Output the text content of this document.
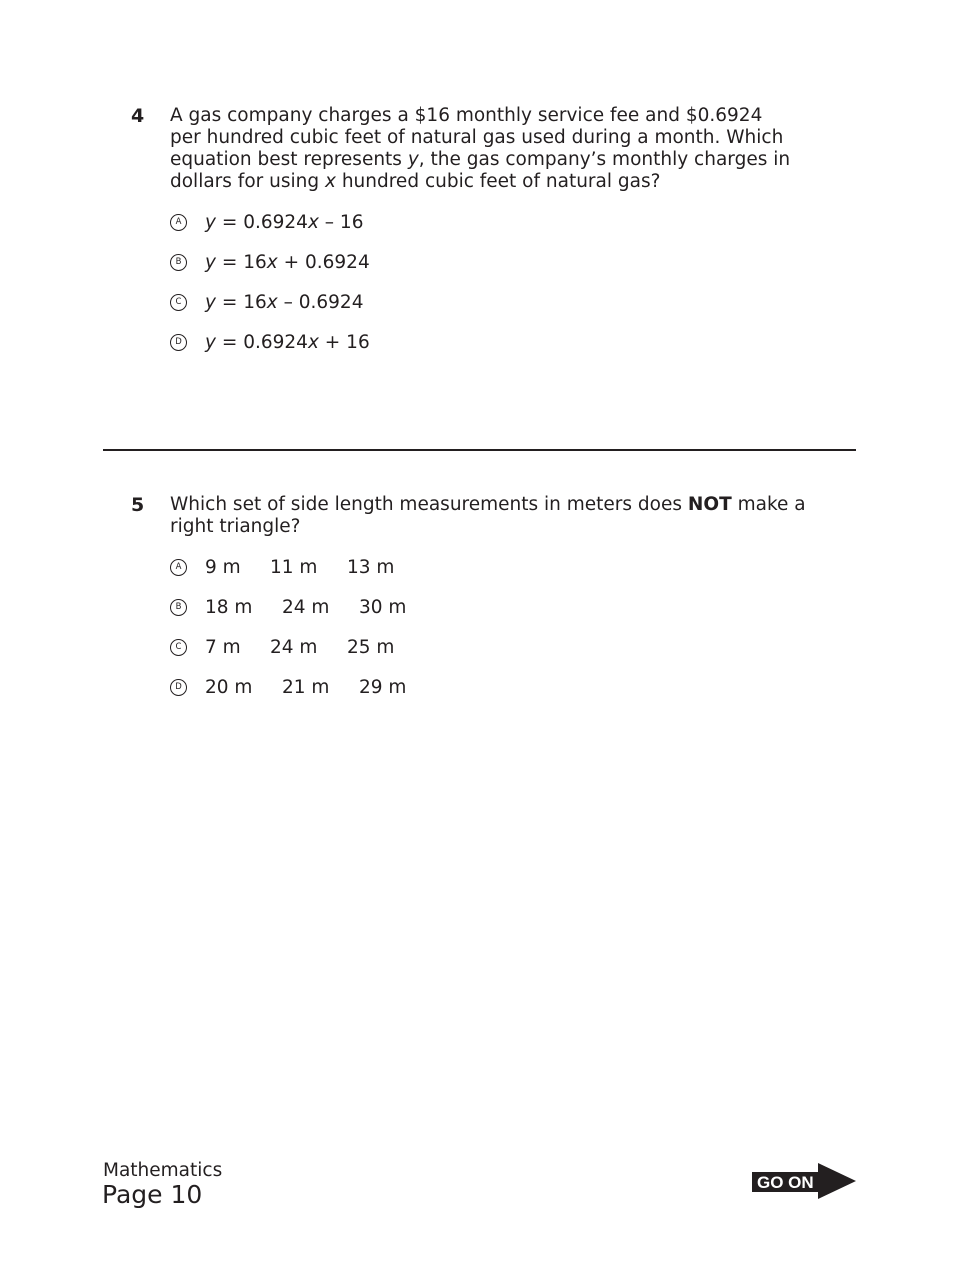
4 A gas company charges a $16 monthly service fee and $0.6924
per hundred cubic feet of natural gas used during a month. Which
equation best represents y, the gas company’s monthly charges in
dollars for using x hundred cubic feet of natural gas?
A	y = 0.6924x – 16
B	y = 16x + 0.6924
C y = 16x – 0.6924
D y = 0.6924x + 16
5 Which set of side length measurements in meters does NOT make a
right triangle?
A	9 m 11 m 13 m
B	18 m 24 m 30 m
C 7 m 24 m 25 m
D 20 m 21 m 29 m
Mathematics
Page 10	GO ON
